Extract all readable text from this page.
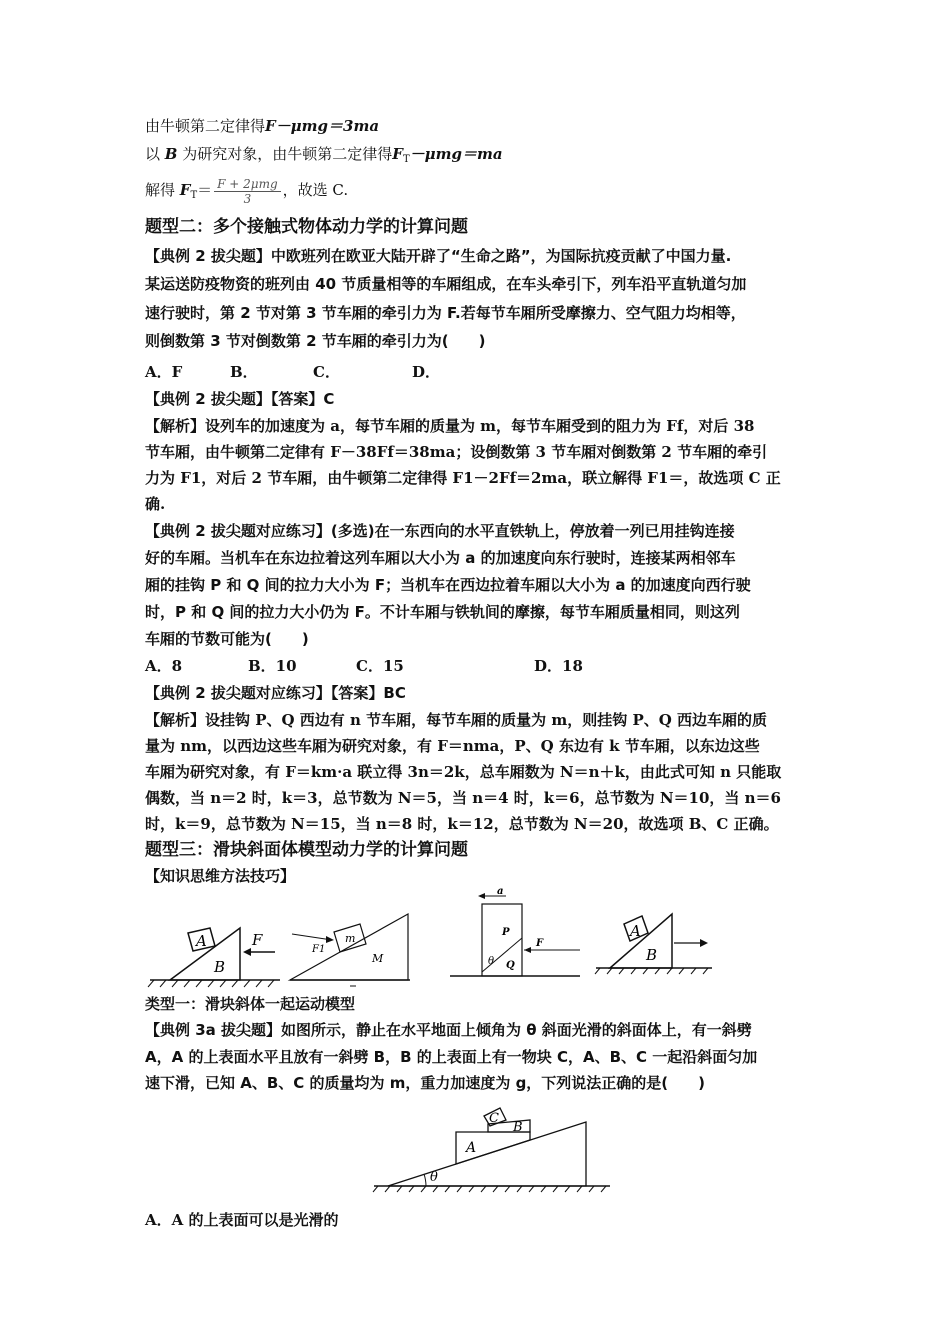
由牛顿第二定律得F－μmg＝3ma
以 B 为研究对象，由牛顿第二定律得$F_T-\mu mg=ma$
解得 $F_T= \frac{\text{F + 2μmg}}{3}$ ，故选 C.
题型二：多个接触式物体动力学的计算问题
【典例 2 拔尖题】中欧班列在欧亚大陆开辟了“生命之路”，为国际抗疫贡献了中国力量.
某运送防疫物资的班列由 40 节质量相等的车厢组成，在车头牵引下，列车沿平直轨道匀加
速行驶时，第 2 节对第 3 节车厢的牵引力为 F.若每节车厢所受摩擦力、空气阻力均相等，
则倒数第 3 节对倒数第 2 节车厢的牵引力为(　　)
A．F	B．	C．	D．
【典例 2 拔尖题】【答案】C
【解析】设列车的加速度为 a，每节车厢的质量为 m，每节车厢受到的阻力为 Ff，对后 38
节车厢，由牛顿第二定律有 F－38Ff＝38ma；设倒数第 3 节车厢对倒数第 2 节车厢的牵引
力为 F1，对后 2 节车厢，由牛顿第二定律得 F1－2Ff＝2ma，联立解得 F1＝，故选项 C 正
确.
【典例 2 拔尖题对应练习】(多选)在一东西向的水平直铁轨上，停放着一列已用挂钩连接
好的车厢。当机车在东边拉着这列车厢以大小为 a 的加速度向东行驶时，连接某两相邻车
厢的挂钩 P 和 Q 间的拉力大小为 F；当机车在西边拉着车厢以大小为 a 的加速度向西行驶
时，P 和 Q 间的拉力大小仍为 F。不计车厢与铁轨间的摩擦，每节车厢质量相同，则这列
车厢的节数可能为(　　)
A．8	B．10	C．15	D．18
【典例 2 拔尖题对应练习】【答案】BC
【解析】设挂钩 P、Q 西边有 n 节车厢，每节车厢的质量为 m，则挂钩 P、Q 西边车厢的质
量为 nm，以西边这些车厢为研究对象，有 F＝nma，P、Q 东边有 k 节车厢，以东边这些
车厢为研究对象，有 F＝km·a 联立得 3n＝2k，总车厢数为 N＝n＋k，由此式可知 n 只能取
偶数，当 n＝2 时，k＝3，总节数为 N＝5，当 n＝4 时，k＝6，总节数为 N＝10，当 n＝6
时，k＝9，总节数为 N＝15，当 n＝8 时，k＝12，总节数为 N＝20，故选项 B、C 正确。
题型三：滑块斜面体模型动力学的计算问题
【知识思维方法技巧】
A
B
F	m
F1
M
a
P
F
θ Q
A
B
类型一：滑块斜体一起运动模型
【典例 3a 拔尖题】如图所示，静止在水平地面上倾角为 θ 斜面光滑的斜面体上，有一斜劈
A，A 的上表面水平且放有一斜劈 B，B 的上表面上有一物块 C，A、B、C 一起沿斜面匀加
速下滑，已知 A、B、C 的质量均为 m，重力加速度为 g，下列说法正确的是(　　)
C
B
A
θ
A．A 的上表面可以是光滑的
